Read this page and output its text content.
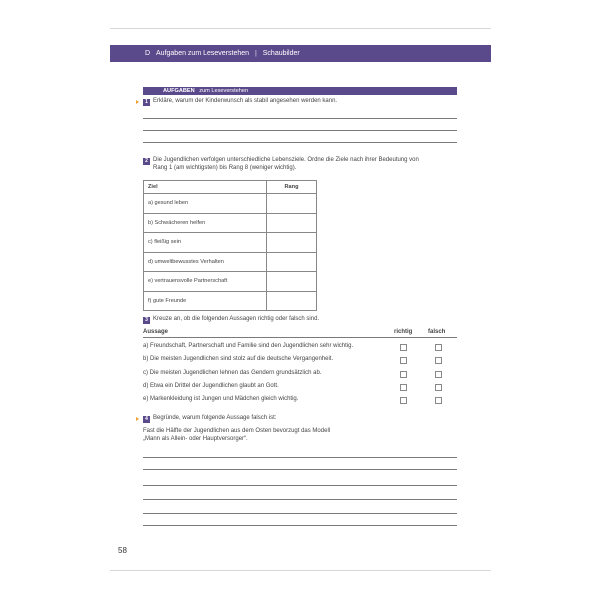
D Aufgaben zum Leseverstehen | Schaubilder
AUFGABEN zum Leseverstehen
1 Erkläre, warum der Kinderwunsch als stabil angesehen werden kann.
2 Die Jugendlichen verfolgen unterschiedliche Lebensziele. Ordne die Ziele nach ihrer Bedeutung von
Rang 1 (am wichtigsten) bis Rang 8 (weniger wichtig).
Ziel	Rang
a) gesund leben	
b) Schwächeren helfen	
c) fleißig sein	
d) umweltbewusstes Verhalten	
e) vertrauensvolle Partnerschaft	
f) gute Freunde	
3 Kreuze an, ob die folgenden Aussagen richtig oder falsch sind.
Aussage	richtig	falsch
a) Freundschaft, Partnerschaft und Familie sind den Jugendlichen sehr wichtig.
b) Die meisten Jugendlichen sind stolz auf die deutsche Vergangenheit.
c) Die meisten Jugendlichen lehnen das Gendern grundsätzlich ab.
d) Etwa ein Drittel der Jugendlichen glaubt an Gott.
e) Markenkleidung ist Jungen und Mädchen gleich wichtig.
4 Begründe, warum folgende Aussage falsch ist:
Fast die Hälfte der Jugendlichen aus dem Osten bevorzugt das Modell
„Mann als Allein- oder Hauptversorger“.
58
